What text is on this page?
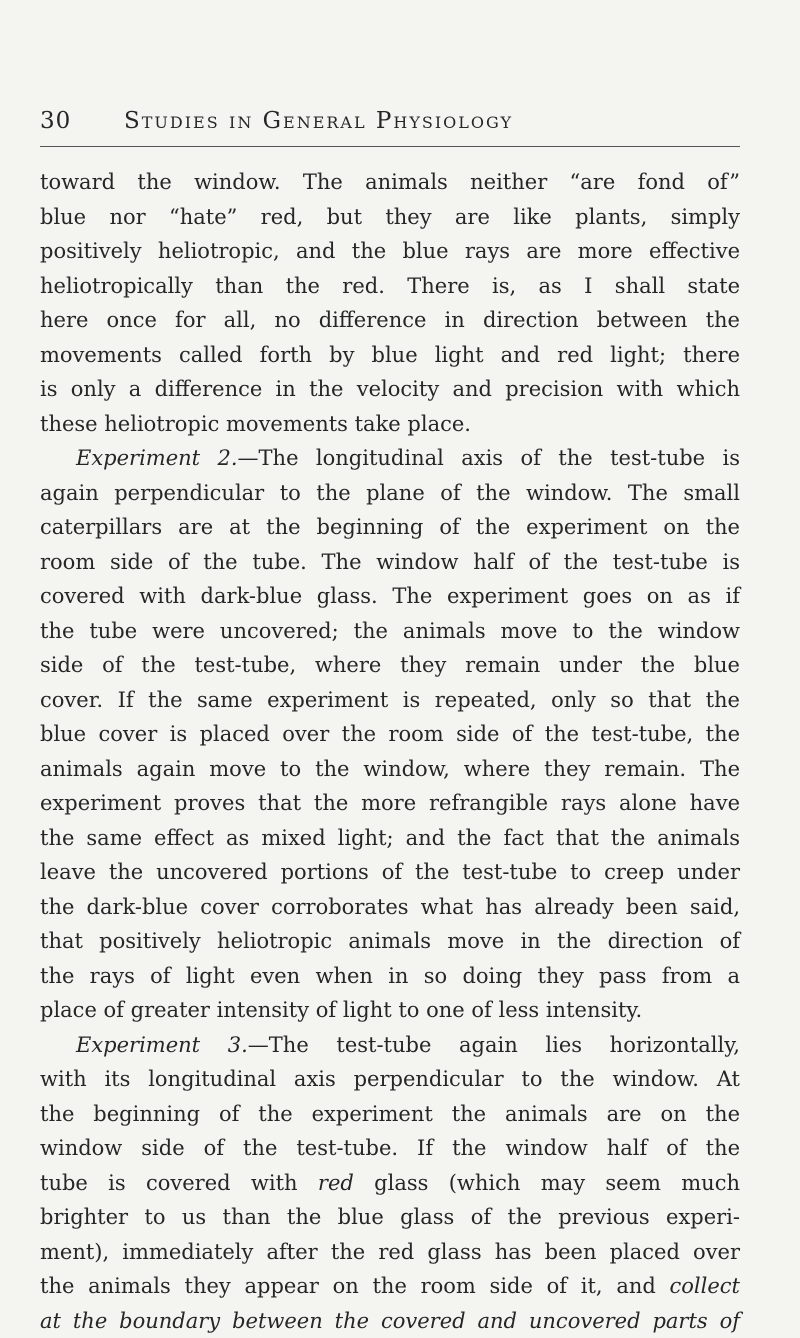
30 Studies in General Physiology
toward the window. The animals neither “are fond of”
blue nor “hate” red, but they are like plants, simply
positively heliotropic, and the blue rays are more effective
heliotropically than the red. There is, as I shall state
here once for all, no difference in direction between the
movements called forth by blue light and red light; there
is only a difference in the velocity and precision with which
these heliotropic movements take place.
Experiment 2.—The longitudinal axis of the test-tube is
again perpendicular to the plane of the window. The small
caterpillars are at the beginning of the experiment on the
room side of the tube. The window half of the test-tube is
covered with dark-blue glass. The experiment goes on as if
the tube were uncovered; the animals move to the window
side of the test-tube, where they remain under the blue
cover. If the same experiment is repeated, only so that the
blue cover is placed over the room side of the test-tube, the
animals again move to the window, where they remain. The
experiment proves that the more refrangible rays alone have
the same effect as mixed light; and the fact that the animals
leave the uncovered portions of the test-tube to creep under
the dark-blue cover corroborates what has already been said,
that positively heliotropic animals move in the direction of
the rays of light even when in so doing they pass from a
place of greater intensity of light to one of less intensity.
Experiment 3.—The test-tube again lies horizontally,
with its longitudinal axis perpendicular to the window. At
the beginning of the experiment the animals are on the
window side of the test-tube. If the window half of the
tube is covered with red glass (which may seem much
brighter to us than the blue glass of the previous experi-
ment), immediately after the red glass has been placed over
the animals they appear on the room side of it, and collect
at the boundary between the covered and uncovered parts of
